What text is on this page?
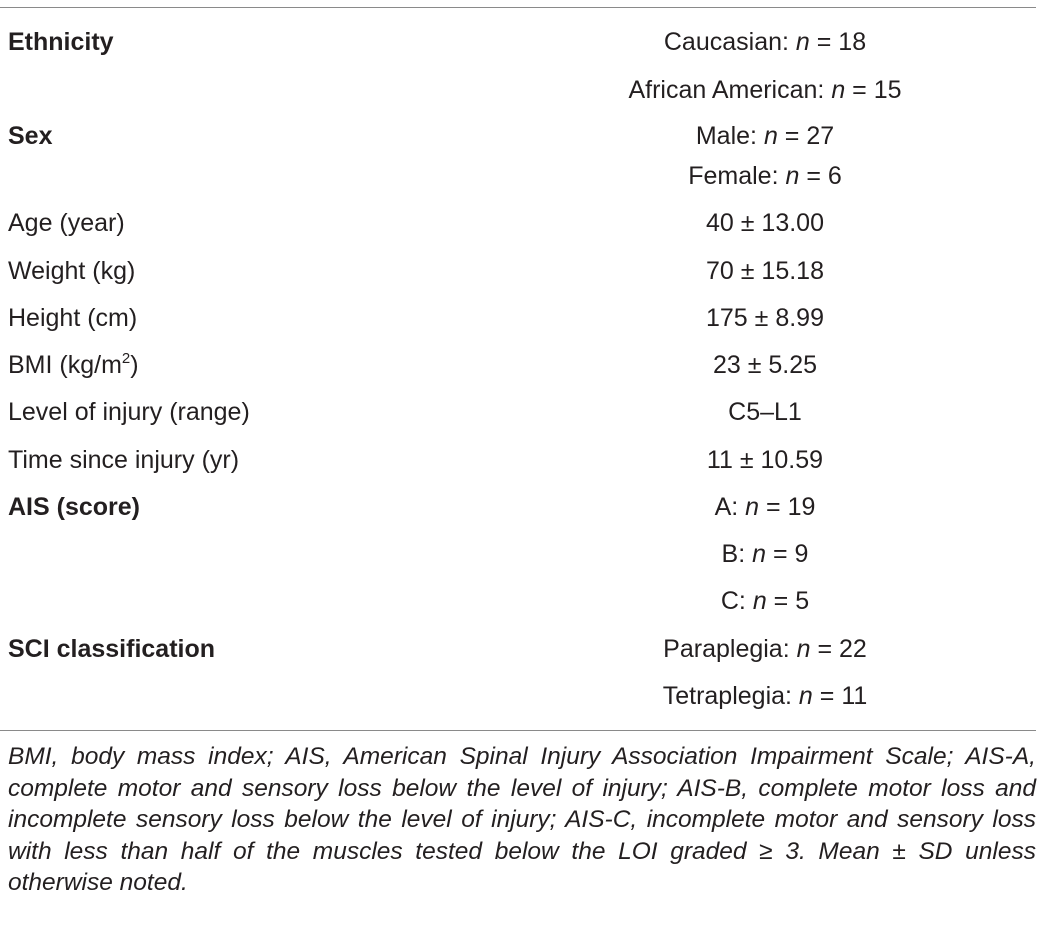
Ethnicity	Caucasian: n = 18
African American: n = 15
Sex	Male: n = 27
Female: n = 6
Age (year)	40 ± 13.00
Weight (kg)	70 ± 15.18
Height (cm)	175 ± 8.99
BMI $(kg/m^2)$	23 ± 5.25
Level of injury (range)	C5–L1
Time since injury (yr)	11 ± 10.59
AIS (score)	A: n = 19
B: n = 9
C: n = 5
SCI classification	Paraplegia: n = 22
Tetraplegia: n = 11
BMI, body mass index; AIS, American Spinal Injury Association Impairment Scale; AIS-A, complete motor and sensory loss below the level of injury; AIS-B, complete motor loss and incomplete sensory loss below the level of injury; AIS-C, incomplete motor and sensory loss with less than half of the muscles tested below the LOI graded ≥ 3. Mean ± SD unless otherwise noted.
